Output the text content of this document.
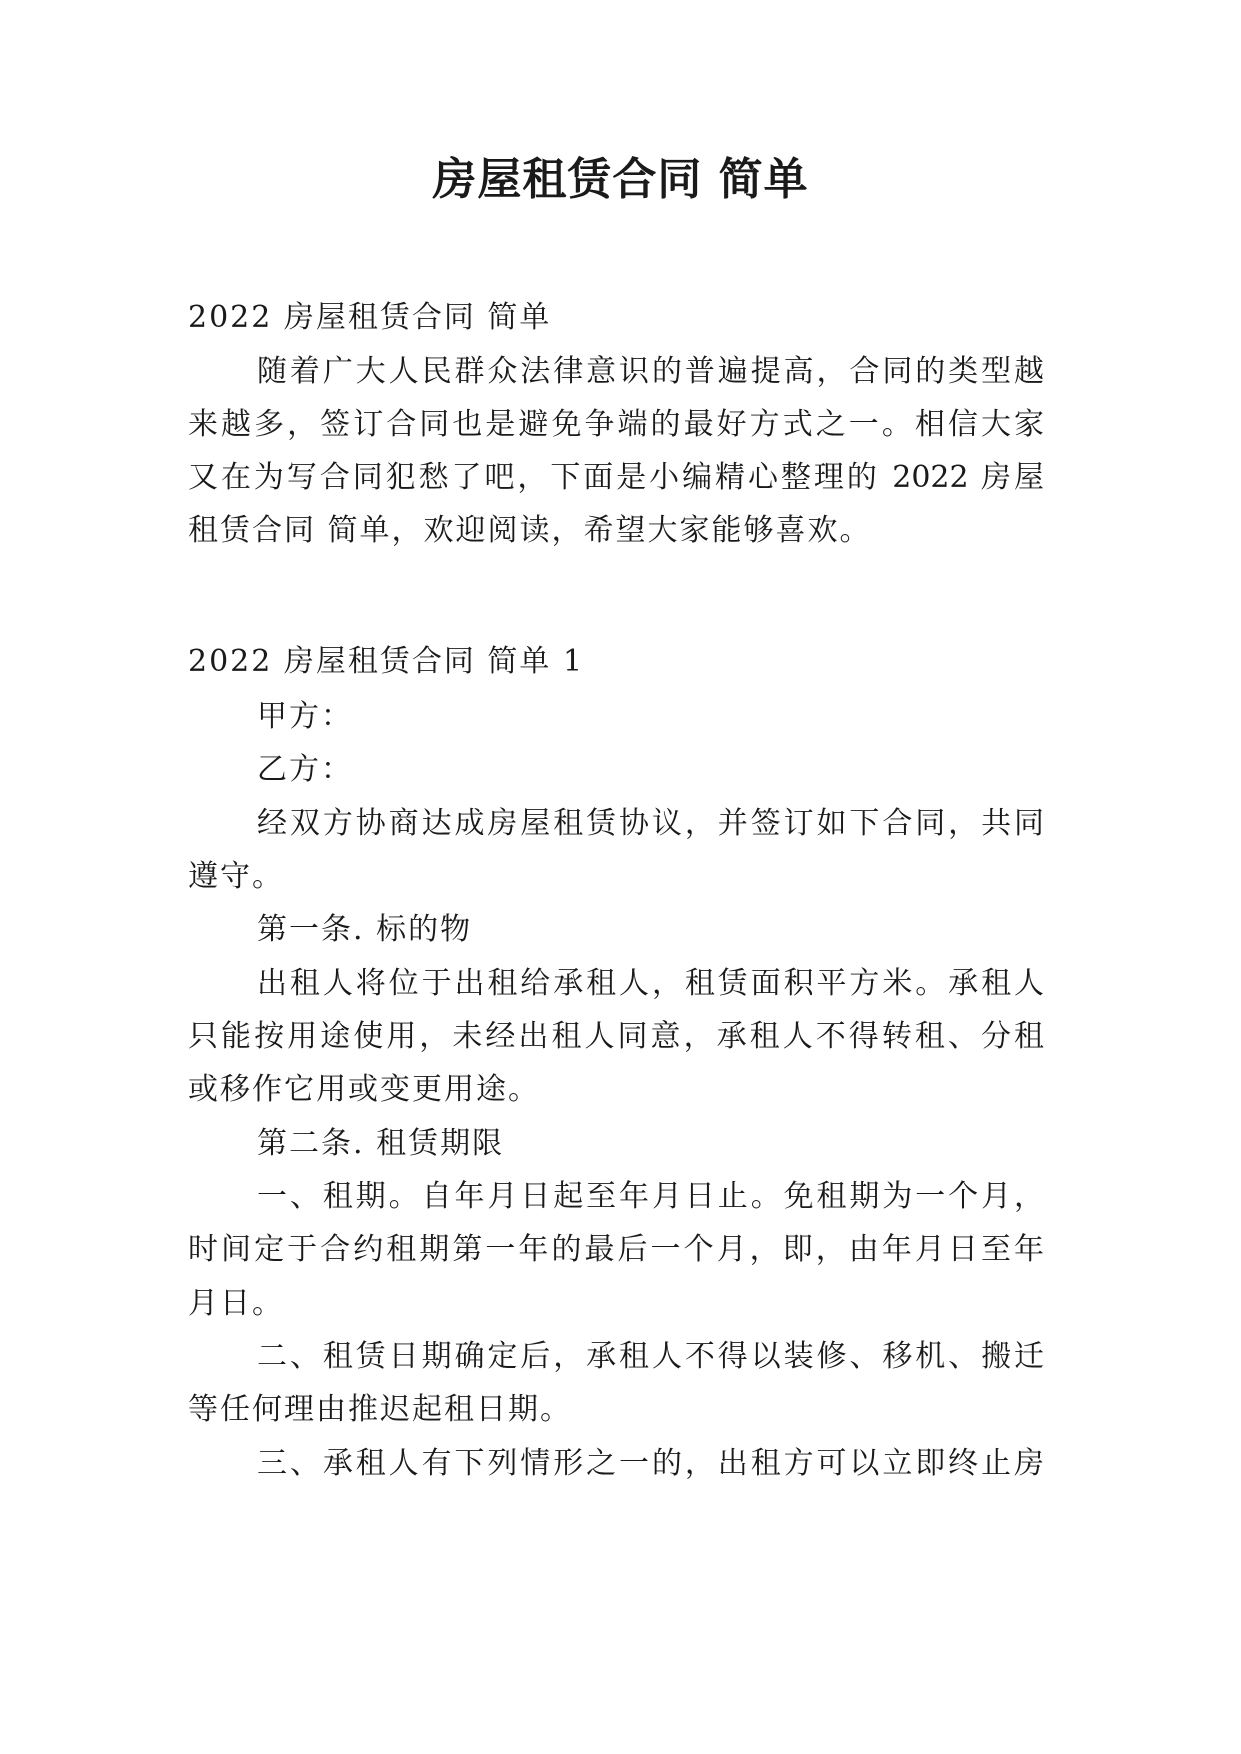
房屋租赁合同 简单
2022 房屋租赁合同 简单
随着广大人民群众法律意识的普遍提高，合同的类型越
来越多，签订合同也是避免争端的最好方式之一。相信大家
又在为写合同犯愁了吧，下面是小编精心整理的 2022 房屋
租赁合同 简单，欢迎阅读，希望大家能够喜欢。
2022 房屋租赁合同 简单 1
甲方：
乙方：
经双方协商达成房屋租赁协议，并签订如下合同，共同
遵守。
第一条. 标的物
出租人将位于出租给承租人，租赁面积平方米。承租人
只能按用途使用，未经出租人同意，承租人不得转租、分租
或移作它用或变更用途。
第二条. 租赁期限
一、租期。自年月日起至年月日止。免租期为一个月，
时间定于合约租期第一年的最后一个月，即，由年月日至年
月日。
二、租赁日期确定后，承租人不得以装修、移机、搬迁
等任何理由推迟起租日期。
三、承租人有下列情形之一的，出租方可以立即终止房
